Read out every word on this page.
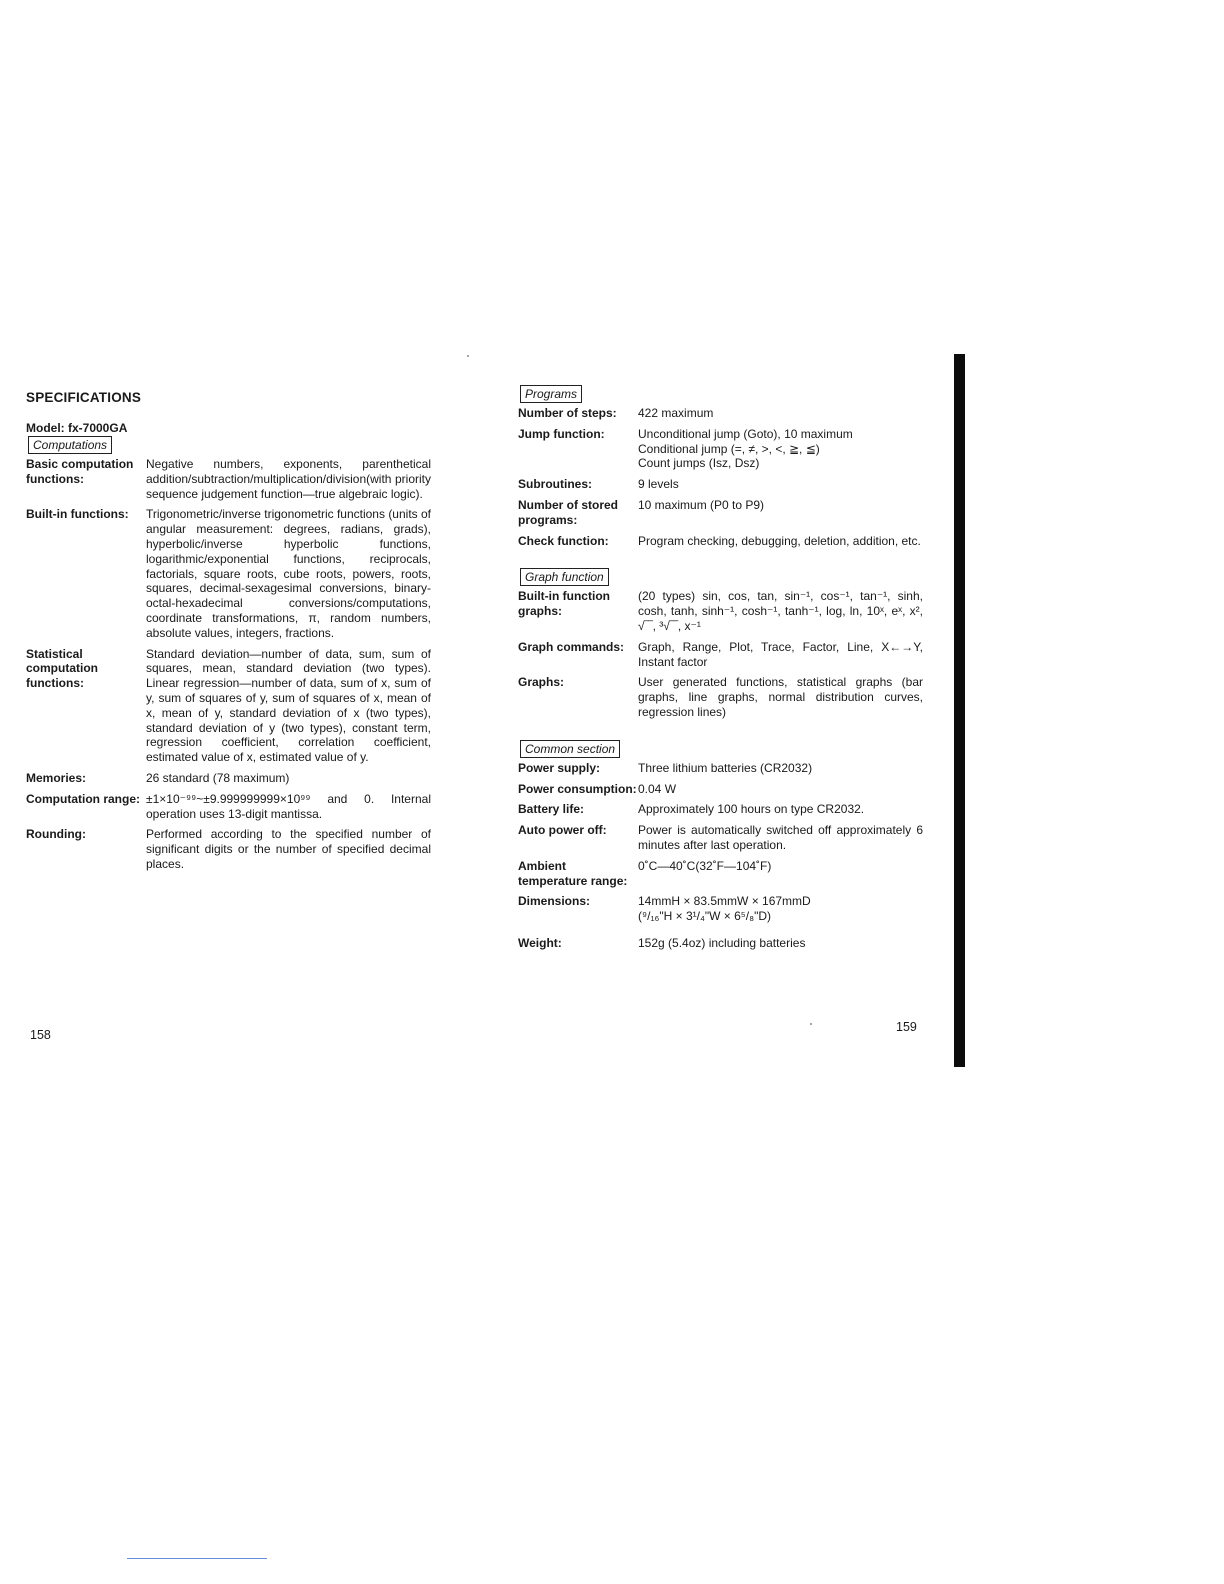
SPECIFICATIONS
Model: fx-7000GA
Computations
Basic computation functions:
Negative numbers, exponents, parenthetical addition/subtraction/multiplication/division(with priority sequence judgement function—true algebraic logic).
Built-in functions:	Trigonometric/inverse trigonometric functions (units of angular measurement: degrees, radians, grads), hyperbolic/inverse hyperbolic functions, logarithmic/exponential functions, reciprocals, factorials, square roots, cube roots, powers, roots, squares, decimal-sexagesimal conversions, binary-octal-hexadecimal conversions/computations, coordinate transformations, π, random numbers, absolute values, integers, fractions.
Statistical computation functions:
Standard deviation—number of data, sum, sum of squares, mean, standard deviation (two types). Linear regression—number of data, sum of x, sum of y, sum of squares of y, sum of squares of x, mean of x, mean of y, standard deviation of x (two types), standard deviation of y (two types), constant term, regression coefficient, correlation coefficient, estimated value of x, estimated value of y.
Memories:	26 standard (78 maximum)
Computation range: ±1×10⁻⁹⁹~±9.999999999×10⁹⁹ and 0. Internal operation uses 13-digit mantissa.
Rounding:	Performed according to the specified number of significant digits or the number of specified decimal places.
158
Programs
Number of steps:	422 maximum
Jump function:	Unconditional jump (Goto), 10 maximum
Conditional jump (=, ≠, >, <, ≧, ≦)
Count jumps (Isz, Dsz)
Subroutines:	9 levels
Number of stored programs:
10 maximum (P0 to P9)
Check function:	Program checking, debugging, deletion, addition, etc.
Graph function
Built-in function graphs:
(20 types) sin, cos, tan, sin⁻¹, cos⁻¹, tan⁻¹, sinh, cosh, tanh, sinh⁻¹, cosh⁻¹, tanh⁻¹, log, ln, 10ˣ, eˣ, x², √‾‾, ³√‾‾, x⁻¹
Graph commands:	Graph, Range, Plot, Trace, Factor, Line, X←→Y, Instant factor
Graphs:	User generated functions, statistical graphs (bar graphs, line graphs, normal distribution curves, regression lines)
Common section
Power supply:	Three lithium batteries (CR2032)
Power consumption: 0.04 W
Battery life:	Approximately 100 hours on type CR2032.
Auto power off:	Power is automatically switched off approximately 6 minutes after last operation.
Ambient temperature range:
0˚C—40˚C(32˚F—104˚F)
Dimensions:	14mmH × 83.5mmW × 167mmD
(⁹/₁₆"H × 3¹/₄"W × 6⁵/₈"D)
Weight:	152g (5.4oz) including batteries
159
